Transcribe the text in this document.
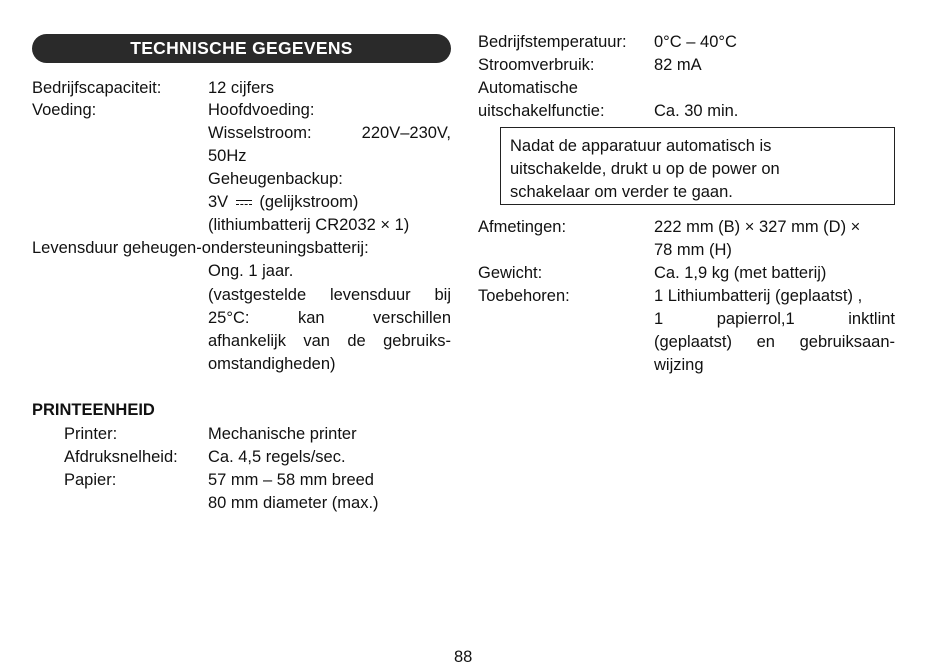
TECHNISCHE GEGEVENS
Bedrijfscapaciteit:	12 cijfers
Voeding:	Hoofdvoeding:
Wisselstroom: 220V–230V,
50Hz
Geheugenbackup:
3V (gelijkstroom)
(lithiumbatterij CR2032 × 1)
Levensduur geheugen-ondersteuningsbatterij:
Ong. 1 jaar.
(vastgestelde levensduur bij
25°C: kan verschillen
afhankelijk van de gebruiks-
omstandigheden)
PRINTEENHEID
Printer:	Mechanische printer
Afdruksnelheid: Ca. 4,5 regels/sec.
Papier:	57 mm – 58 mm breed
80 mm diameter (max.)
Bedrijfstemperatuur: 0°C – 40°C
Stroomverbruik:	82 mA
Automatische
uitschakelfunctie:	Ca. 30 min.
Nadat de apparatuur automatisch is
uitschakelde, drukt u op de power on
schakelaar om verder te gaan.
Afmetingen:	222 mm (B) × 327 mm (D) ×
78 mm (H)
Gewicht:	Ca. 1,9 kg (met batterij)
Toebehoren:	1 Lithiumbatterij (geplaatst) ,
1 papierrol,1 inktlint
(geplaatst) en gebruiksaan-
wijzing
88
